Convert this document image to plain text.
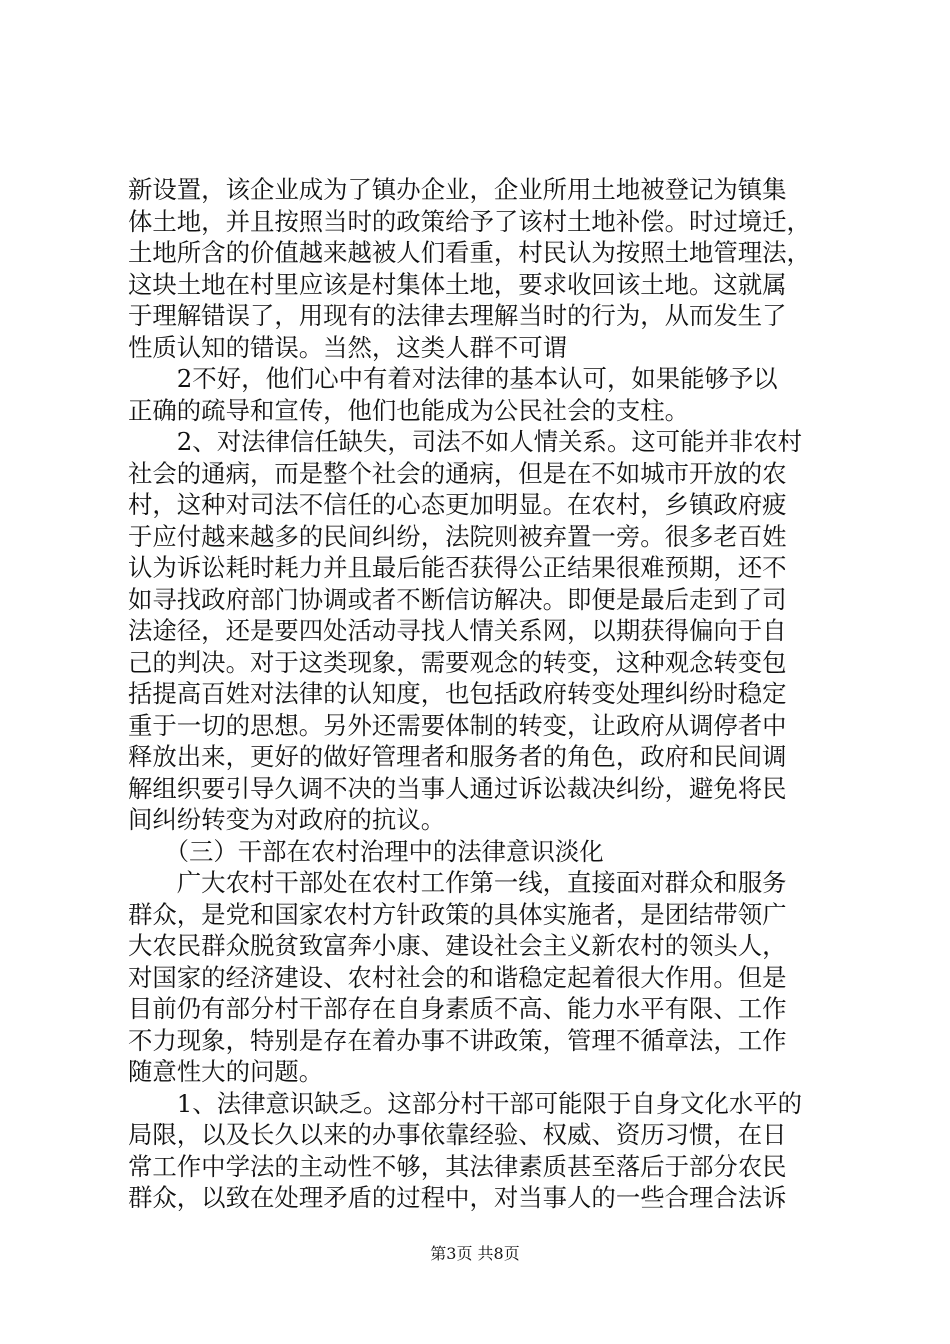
新设置，该企业成为了镇办企业，企业所用土地被登记为镇集
体土地，并且按照当时的政策给予了该村土地补偿。时过境迁，
土地所含的价值越来越被人们看重，村民认为按照土地管理法，
这块土地在村里应该是村集体土地，要求收回该土地。这就属
于理解错误了，用现有的法律去理解当时的行为，从而发生了
性质认知的错误。当然，这类人群不可谓
　　2不好，他们心中有着对法律的基本认可，如果能够予以
正确的疏导和宣传，他们也能成为公民社会的支柱。
　　2、对法律信任缺失，司法不如人情关系。这可能并非农村
社会的通病，而是整个社会的通病，但是在不如城市开放的农
村，这种对司法不信任的心态更加明显。在农村，乡镇政府疲
于应付越来越多的民间纠纷，法院则被弃置一旁。很多老百姓
认为诉讼耗时耗力并且最后能否获得公正结果很难预期，还不
如寻找政府部门协调或者不断信访解决。即便是最后走到了司
法途径，还是要四处活动寻找人情关系网，以期获得偏向于自
己的判决。对于这类现象，需要观念的转变，这种观念转变包
括提高百姓对法律的认知度，也包括政府转变处理纠纷时稳定
重于一切的思想。另外还需要体制的转变，让政府从调停者中
释放出来，更好的做好管理者和服务者的角色，政府和民间调
解组织要引导久调不决的当事人通过诉讼裁决纠纷，避免将民
间纠纷转变为对政府的抗议。
　　（三）干部在农村治理中的法律意识淡化
　　广大农村干部处在农村工作第一线，直接面对群众和服务
群众，是党和国家农村方针政策的具体实施者，是团结带领广
大农民群众脱贫致富奔小康、建设社会主义新农村的领头人，
对国家的经济建设、农村社会的和谐稳定起着很大作用。但是
目前仍有部分村干部存在自身素质不高、能力水平有限、工作
不力现象，特别是存在着办事不讲政策，管理不循章法，工作
随意性大的问题。
　　1、法律意识缺乏。这部分村干部可能限于自身文化水平的
局限，以及长久以来的办事依靠经验、权威、资历习惯，在日
常工作中学法的主动性不够，其法律素质甚至落后于部分农民
群众，以致在处理矛盾的过程中，对当事人的一些合理合法诉
第3页 共8页
